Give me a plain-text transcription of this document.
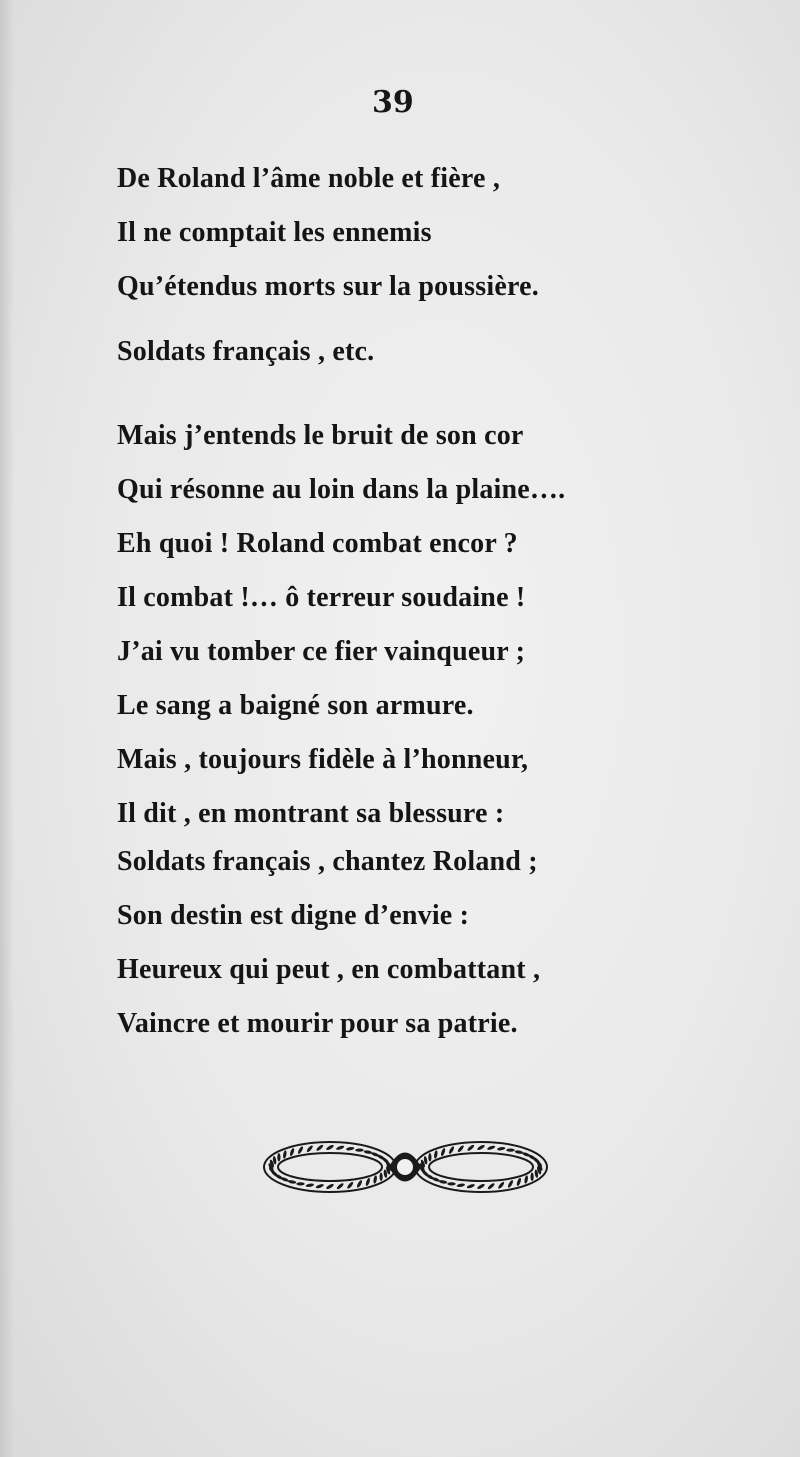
39
De Roland l’âme noble et fière ,
Il ne comptait les ennemis
Qu’étendus morts sur la poussière.
Soldats français , etc.
Mais j’entends le bruit de son cor
Qui résonne au loin dans la plaine….
Eh quoi ! Roland combat encor ?
Il combat !… ô terreur soudaine !
J’ai vu tomber ce fier vainqueur ;
Le sang a baigné son armure.
Mais , toujours fidèle à l’honneur,
Il dit , en montrant sa blessure :
Soldats français , chantez Roland ;
Son destin est digne d’envie :
Heureux qui peut , en combattant ,
Vaincre et mourir pour sa patrie.
